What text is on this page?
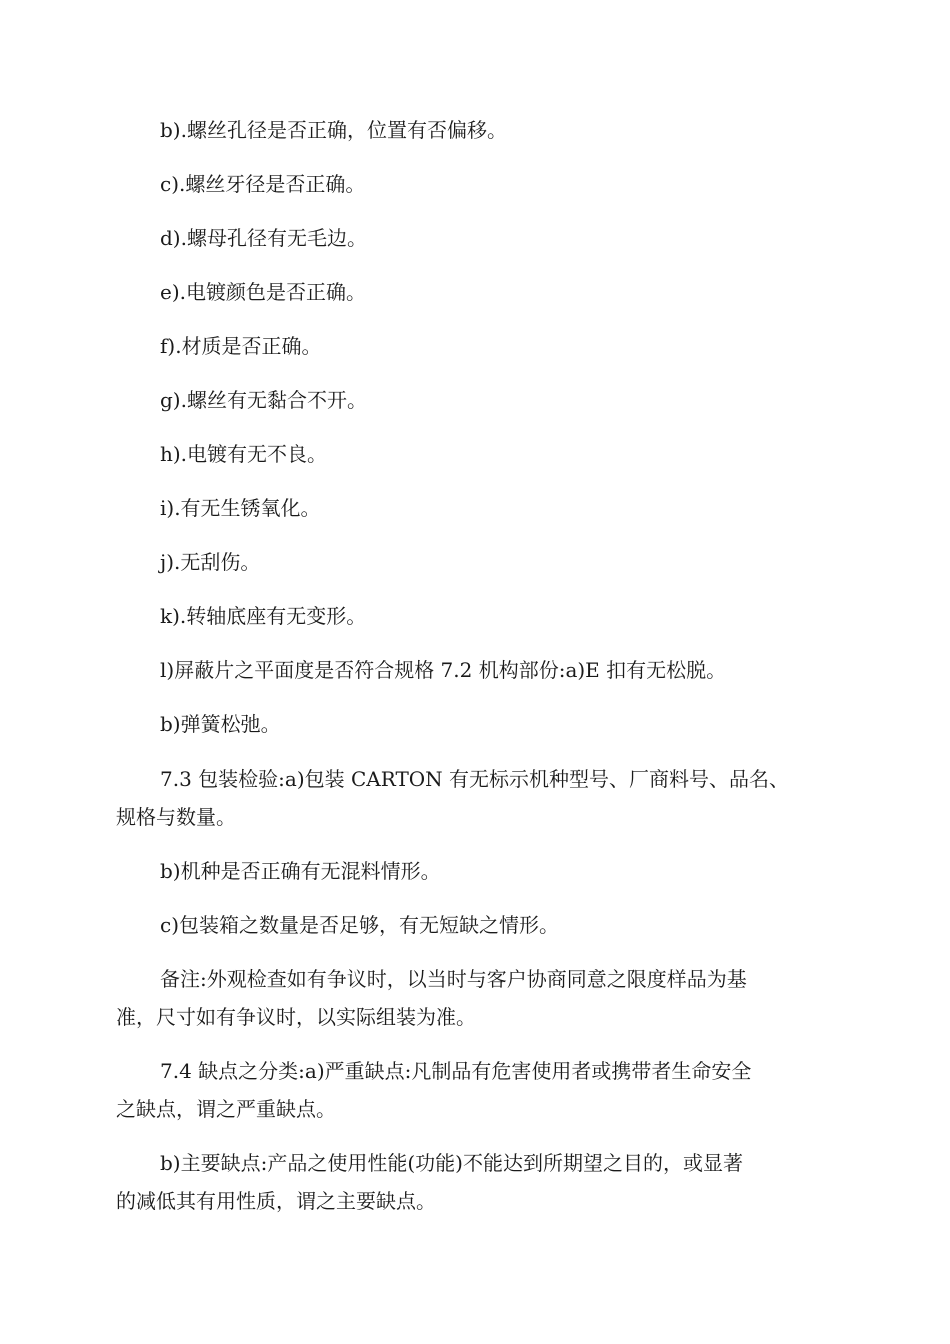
b).螺丝孔径是否正确，位置有否偏移。
c).螺丝牙径是否正确。
d).螺母孔径有无毛边。
e).电镀颜色是否正确。
f).材质是否正确。
g).螺丝有无黏合不开。
h).电镀有无不良。
i).有无生锈氧化。
j).无刮伤。
k).转轴底座有无变形。
l)屏蔽片之平面度是否符合规格 7.2 机构部份:a)E 扣有无松脱。
b)弹簧松弛。
7.3 包装检验:a)包装 CARTON 有无标示机种型号、厂商料号、品名、
规格与数量。
b)机种是否正确有无混料情形。
c)包装箱之数量是否足够，有无短缺之情形。
备注:外观检查如有争议时，以当时与客户协商同意之限度样品为基
准，尺寸如有争议时，以实际组装为准。
7.4 缺点之分类:a)严重缺点:凡制品有危害使用者或携带者生命安全
之缺点，谓之严重缺点。
b)主要缺点:产品之使用性能(功能)不能达到所期望之目的，或显著
的减低其有用性质，谓之主要缺点。
